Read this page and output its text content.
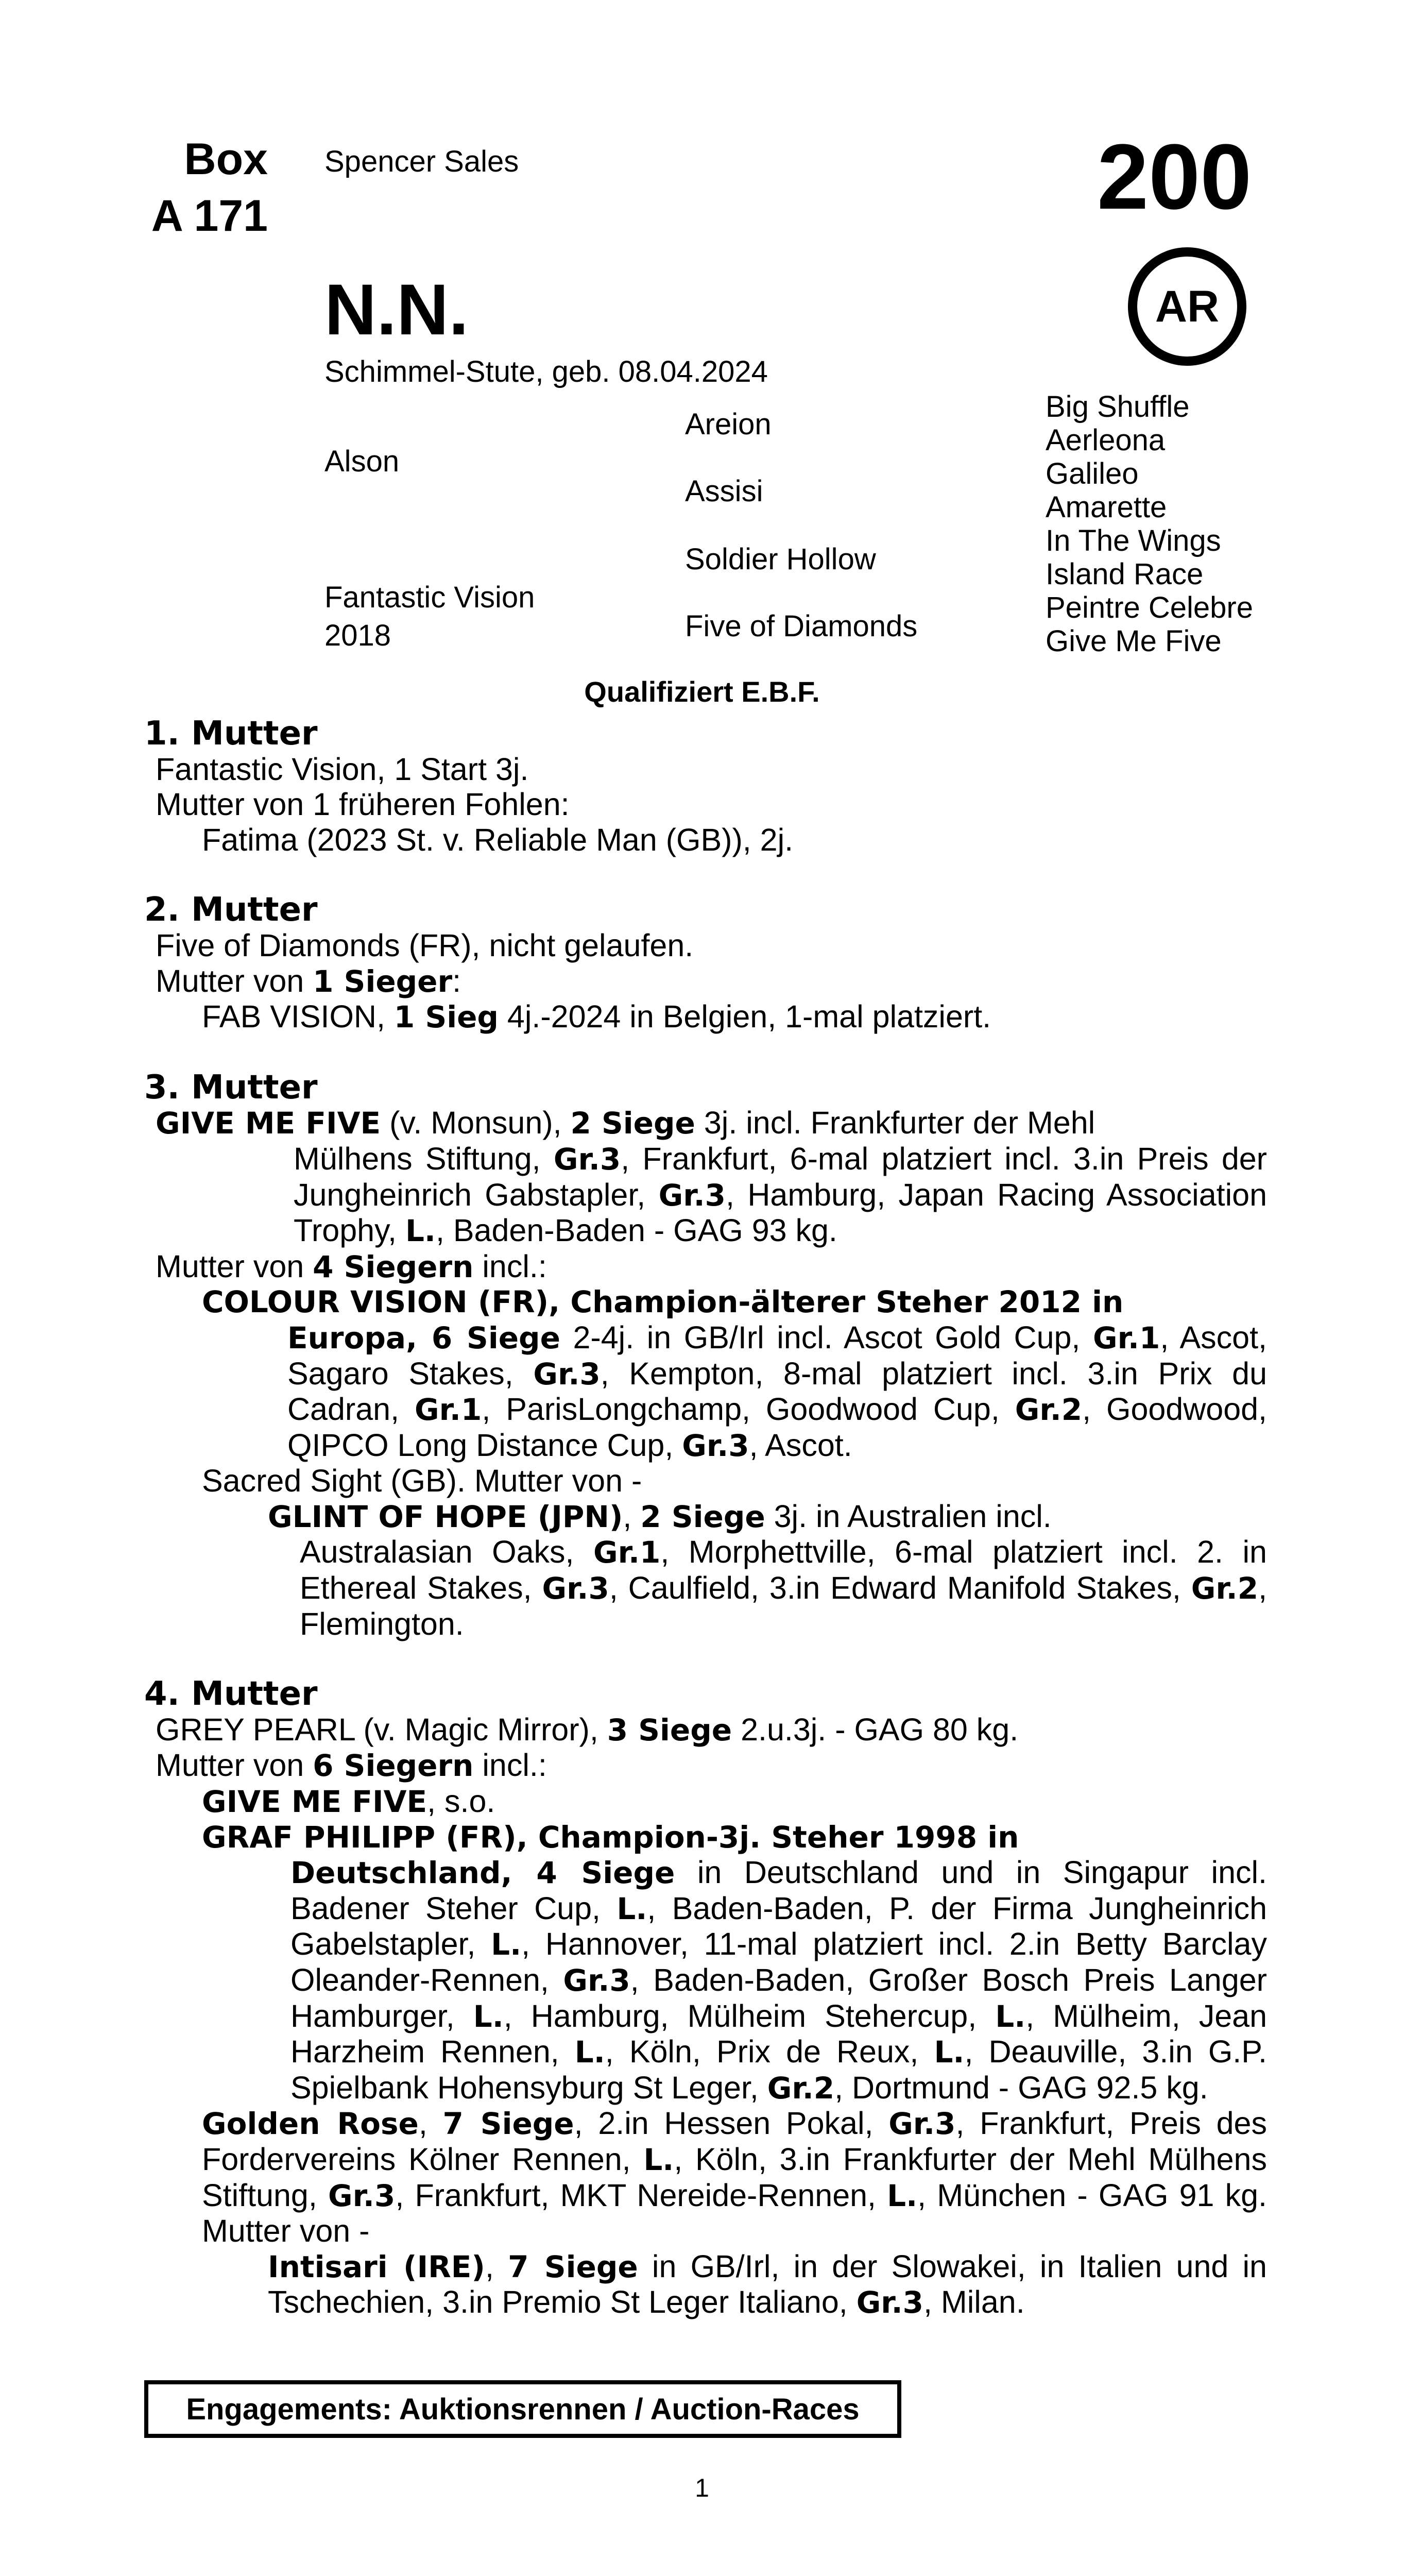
Box
A 171
Spencer Sales	200
N.N.	AR
Schimmel-Stute, geb. 08.04.2024
Alson
Fantastic Vision
2018
Areion
Assisi
Soldier Hollow
Five of Diamonds
Big Shuffle
Aerleona
Galileo
Amarette
In The Wings
Island Race
Peintre Celebre
Give Me Five
Qualifiziert E.B.F.

1. Mutter

Fantastic Vision, 1 Start 3j.

Mutter von 1 früheren Fohlen:

Fatima (2023 St. v. Reliable Man (GB)), 2j.

2. Mutter

Five of Diamonds (FR), nicht gelaufen.

Mutter von 1 Sieger:

FAB VISION, 1 Sieg 4j.-2024 in Belgien, 1-mal platziert.

3. Mutter

GIVE ME FIVE (v. Monsun), 2 Siege 3j. incl. Frankfurter der Mehl

Mülhens Stiftung, Gr.3, Frankfurt, 6-mal platziert incl. 3.in Preis der Jungheinrich Gabstapler, Gr.3, Hamburg, Japan Racing Association Trophy, L., Baden-Baden - GAG 93 kg.

Mutter von 4 Siegern incl.:

COLOUR VISION (FR), Champion-älterer Steher 2012 in

Europa, 6 Siege 2-4j. in GB/Irl incl. Ascot Gold Cup, Gr.1, Ascot, Sagaro Stakes, Gr.3, Kempton, 8-mal platziert incl. 3.in Prix du Cadran, Gr.1, ParisLongchamp, Goodwood Cup, Gr.2, Goodwood, QIPCO Long Distance Cup, Gr.3, Ascot.

Sacred Sight (GB). Mutter von -

GLINT OF HOPE (JPN), 2 Siege 3j. in Australien incl.

Australasian Oaks, Gr.1, Morphettville, 6-mal platziert incl. 2. in Ethereal Stakes, Gr.3, Caulfield, 3.in Edward Manifold Stakes, Gr.2, Flemington.

4. Mutter

GREY PEARL (v. Magic Mirror), 3 Siege 2.u.3j. - GAG 80 kg.

Mutter von 6 Siegern incl.:

GIVE ME FIVE, s.o.

GRAF PHILIPP (FR), Champion-3j. Steher 1998 in

Deutschland, 4 Siege in Deutschland und in Singapur incl. Badener Steher Cup, L., Baden-Baden, P. der Firma Jungheinrich Gabelstapler, L., Hannover, 11-mal platziert incl. 2.in Betty Barclay Oleander-Rennen, Gr.3, Baden-Baden, Großer Bosch Preis Langer Hamburger, L., Hamburg, Mülheim Stehercup, L., Mülheim, Jean Harzheim Rennen, L., Köln, Prix de Reux, L., Deauville, 3.in G.P. Spielbank Hohensyburg St Leger, Gr.2, Dortmund - GAG 92.5 kg.

Golden Rose, 7 Siege, 2.in Hessen Pokal, Gr.3, Frankfurt, Preis des Fordervereins Kölner Rennen, L., Köln, 3.in Frankfurter der Mehl Mülhens Stiftung, Gr.3, Frankfurt, MKT Nereide-Rennen, L., München - GAG 91 kg. Mutter von -

Intisari (IRE), 7 Siege in GB/Irl, in der Slowakei, in Italien und in Tschechien, 3.in Premio St Leger Italiano, Gr.3, Milan.

Engagements: Auktionsrennen / Auction-Races
1
